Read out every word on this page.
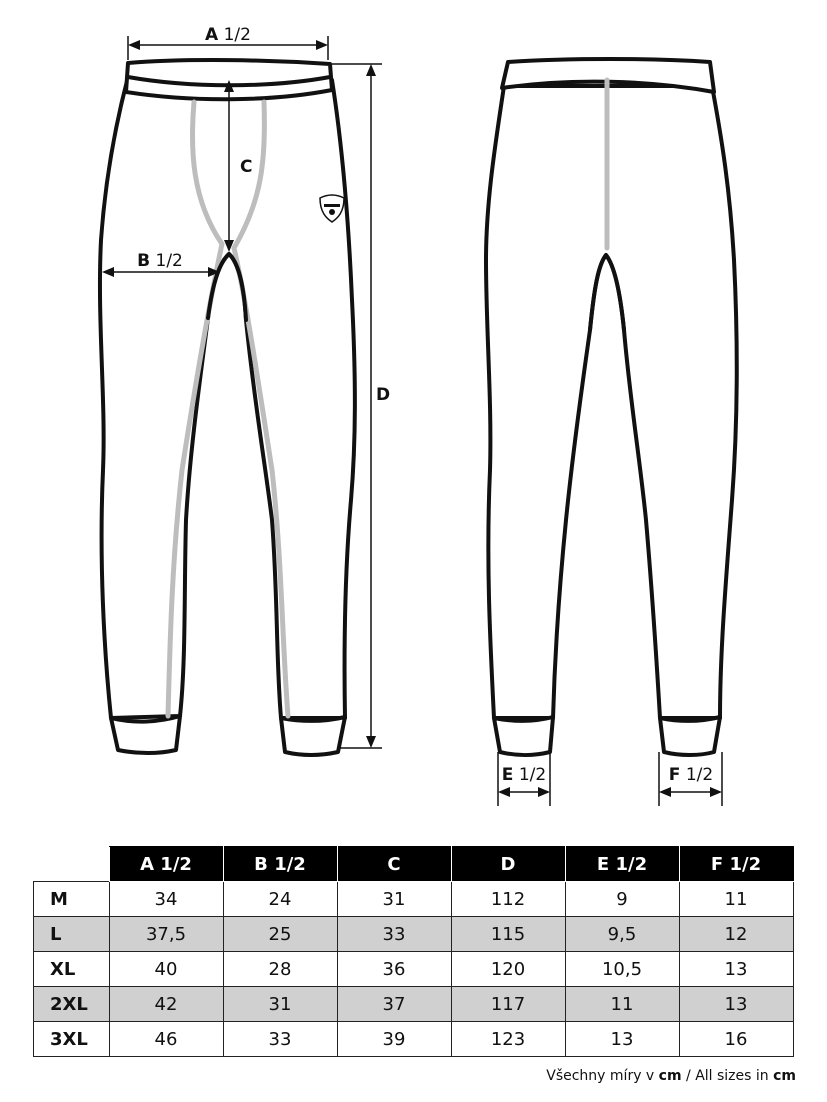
A 1/2
B 1/2
C
D
E 1/2	F 1/2
	A 1/2	B 1/2	C	D	E 1/2	F 1/2
M	34	24	31	112	9	11
L	37,5	25	33	115	9,5	12
XL	40	28	36	120	10,5	13
2XL	42	31	37	117	11	13
3XL	46	33	39	123	13	16
Všechny míry v cm / All sizes in cm
